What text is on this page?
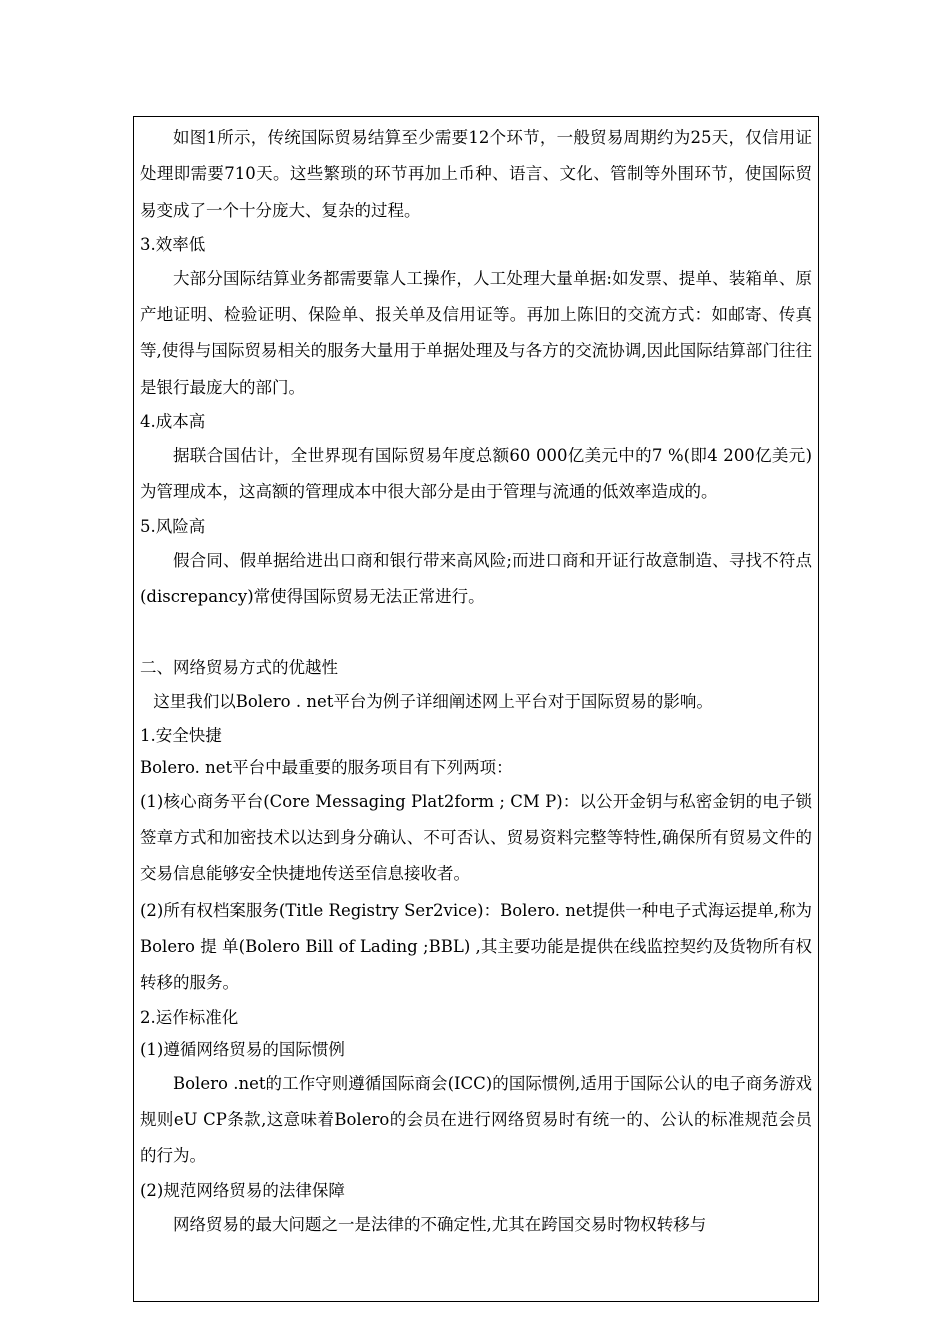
如图1所示，传统国际贸易结算至少需要12个环节，一般贸易周期约为25天，仅信用证处理即需要710天。这些繁琐的环节再加上币种、语言、文化、管制等外围环节，使国际贸易变成了一个十分庞大、复杂的过程。

3.效率低

大部分国际结算业务都需要靠人工操作，人工处理大量单据:如发票、提单、装箱单、原产地证明、检验证明、保险单、报关单及信用证等。再加上陈旧的交流方式：如邮寄、传真等,使得与国际贸易相关的服务大量用于单据处理及与各方的交流协调,因此国际结算部门往往是银行最庞大的部门。

4.成本高

据联合国估计，全世界现有国际贸易年度总额60 000亿美元中的7 %(即4 200亿美元)为管理成本，这高额的管理成本中很大部分是由于管理与流通的低效率造成的。

5.风险高

假合同、假单据给进出口商和银行带来高风险;而进口商和开证行故意制造、寻找不符点(discrepancy)常使得国际贸易无法正常进行。

二、网络贸易方式的优越性

这里我们以Bolero . net平台为例子详细阐述网上平台对于国际贸易的影响。

1.安全快捷

Bolero. net平台中最重要的服务项目有下列两项：

(1)核心商务平台(Core Messaging Plat2form ; CM P)：以公开金钥与私密金钥的电子锁签章方式和加密技术以达到身分确认、不可否认、贸易资料完整等特性,确保所有贸易文件的交易信息能够安全快捷地传送至信息接收者。

(2)所有权档案服务(Title Registry Ser2vice)：Bolero. net提供一种电子式海运提单,称为Bolero 提 单(Bolero Bill of Lading ;BBL) ,其主要功能是提供在线监控契约及货物所有权转移的服务。

2.运作标准化

(1)遵循网络贸易的国际惯例

Bolero .net的工作守则遵循国际商会(ICC)的国际惯例,适用于国际公认的电子商务游戏规则eU CP条款,这意味着Bolero的会员在进行网络贸易时有统一的、公认的标准规范会员的行为。

(2)规范网络贸易的法律保障

网络贸易的最大问题之一是法律的不确定性,尤其在跨国交易时物权转移与
